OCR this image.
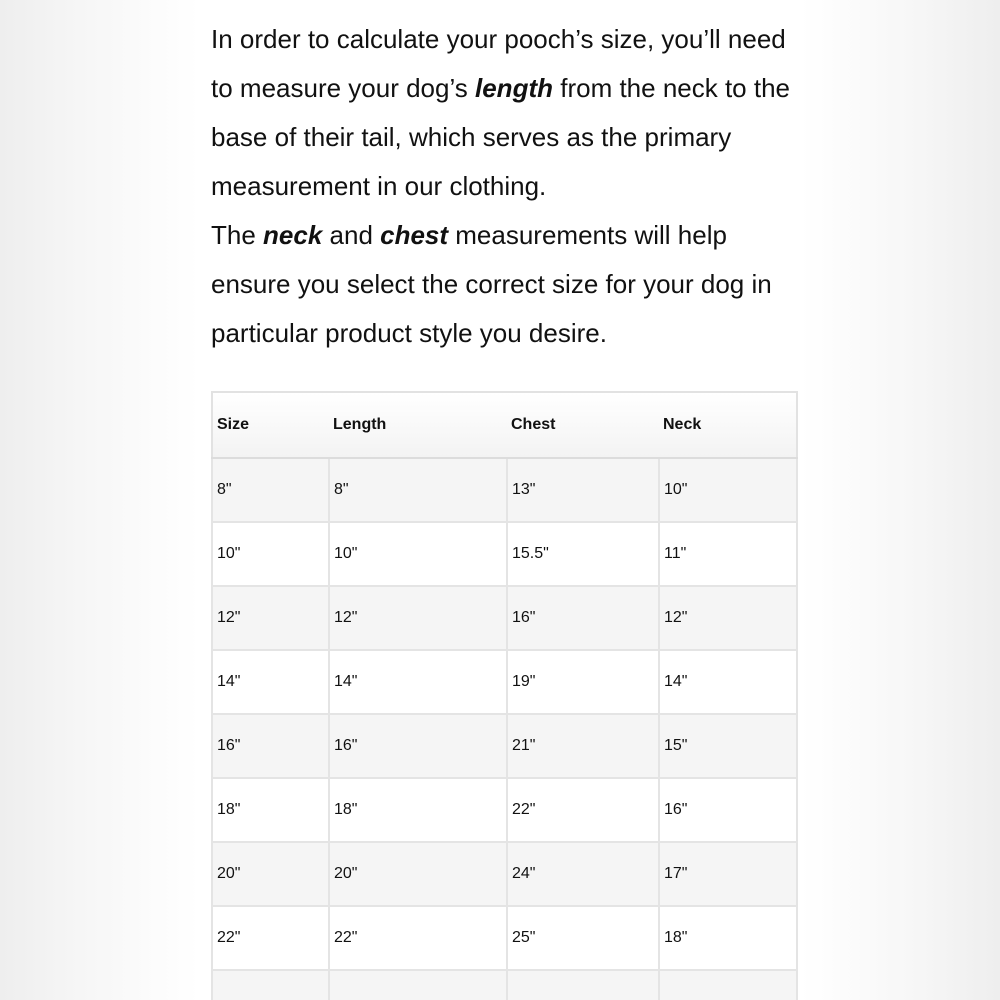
In order to calculate your pooch’s size, you’ll need to measure your dog’s length from the neck to the base of their tail, which serves as the primary measurement in our clothing.

The neck and chest measurements will help ensure you select the correct size for your dog in particular product style you desire.

Size	Length	Chest	Neck
8"	8"	13"	10"
10"	10"	15.5"	11"
12"	12"	16"	12"
14"	14"	19"	14"
16"	16"	21"	15"
18"	18"	22"	16"
20"	20"	24"	17"
22"	22"	25"	18"
